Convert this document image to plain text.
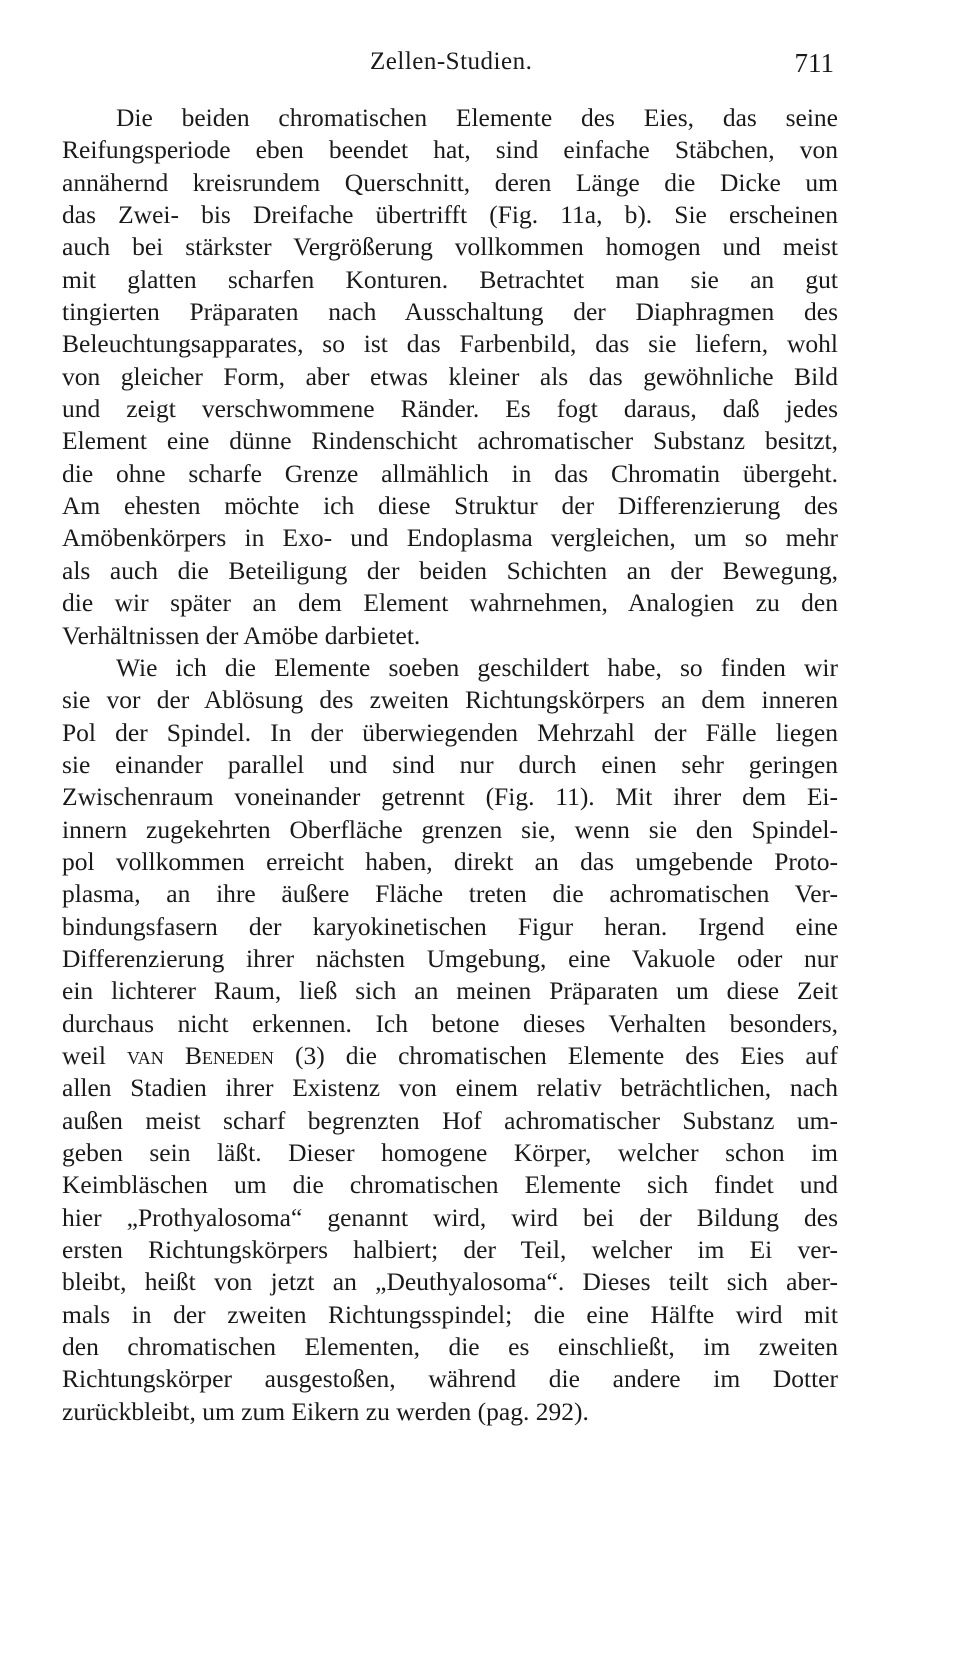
Zellen-Studien.	711
Die beiden chromatischen Elemente des Eies, das seine
Reifungsperiode eben beendet hat, sind einfache Stäbchen, von
annähernd kreisrundem Querschnitt, deren Länge die Dicke um
das Zwei- bis Dreifache übertrifft (Fig. 11a, b). Sie erscheinen
auch bei stärkster Vergrößerung vollkommen homogen und meist
mit glatten scharfen Konturen. Betrachtet man sie an gut
tingierten Präparaten nach Ausschaltung der Diaphragmen des
Beleuchtungsapparates, so ist das Farbenbild, das sie liefern, wohl
von gleicher Form, aber etwas kleiner als das gewöhnliche Bild
und zeigt verschwommene Ränder. Es fogt daraus, daß jedes
Element eine dünne Rindenschicht achromatischer Substanz besitzt,
die ohne scharfe Grenze allmählich in das Chromatin übergeht.
Am ehesten möchte ich diese Struktur der Differenzierung des
Amöbenkörpers in Exo- und Endoplasma vergleichen, um so mehr
als auch die Beteiligung der beiden Schichten an der Bewegung,
die wir später an dem Element wahrnehmen, Analogien zu den
Verhältnissen der Amöbe darbietet.
Wie ich die Elemente soeben geschildert habe, so finden wir
sie vor der Ablösung des zweiten Richtungskörpers an dem inneren
Pol der Spindel. In der überwiegenden Mehrzahl der Fälle liegen
sie einander parallel und sind nur durch einen sehr geringen
Zwischenraum voneinander getrennt (Fig. 11). Mit ihrer dem Ei-
innern zugekehrten Oberfläche grenzen sie, wenn sie den Spindel-
pol vollkommen erreicht haben, direkt an das umgebende Proto-
plasma, an ihre äußere Fläche treten die achromatischen Ver-
bindungsfasern der karyokinetischen Figur heran. Irgend eine
Differenzierung ihrer nächsten Umgebung, eine Vakuole oder nur
ein lichterer Raum, ließ sich an meinen Präparaten um diese Zeit
durchaus nicht erkennen. Ich betone dieses Verhalten besonders,
weil van Beneden (3) die chromatischen Elemente des Eies auf
allen Stadien ihrer Existenz von einem relativ beträchtlichen, nach
außen meist scharf begrenzten Hof achromatischer Substanz um-
geben sein läßt. Dieser homogene Körper, welcher schon im
Keimbläschen um die chromatischen Elemente sich findet und
hier „Prothyalosoma“ genannt wird, wird bei der Bildung des
ersten Richtungskörpers halbiert; der Teil, welcher im Ei ver-
bleibt, heißt von jetzt an „Deuthyalosoma“. Dieses teilt sich aber-
mals in der zweiten Richtungsspindel; die eine Hälfte wird mit
den chromatischen Elementen, die es einschließt, im zweiten
Richtungskörper ausgestoßen, während die andere im Dotter
zurückbleibt, um zum Eikern zu werden (pag. 292).
